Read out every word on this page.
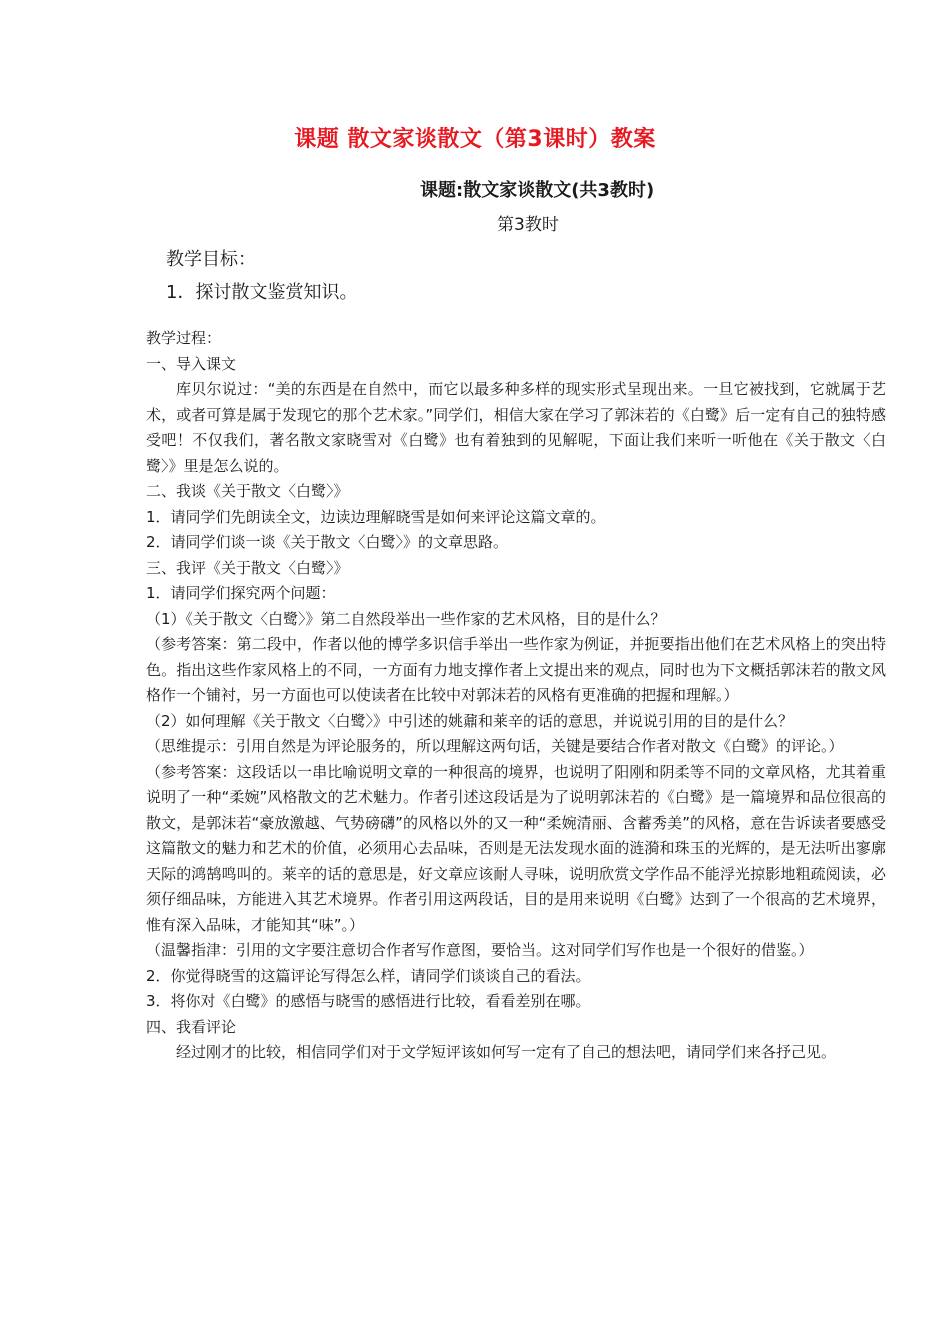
课题 散文家谈散文（第3课时）教案
课题:散文家谈散文(共3教时)
第3教时
教学目标：
1．探讨散文鉴赏知识。

教学过程：

一、导入课文

库贝尔说过：“美的东西是在自然中，而它以最多种多样的现实形式呈现出来。一旦它被找到，它就属于艺术，或者可算是属于发现它的那个艺术家。”同学们，相信大家在学习了郭沫若的《白鹭》后一定有自己的独特感受吧！不仅我们，著名散文家晓雪对《白鹭》也有着独到的见解呢，下面让我们来听一听他在《关于散文〈白鹭〉》里是怎么说的。

二、我谈《关于散文〈白鹭〉》

1．请同学们先朗读全文，边读边理解晓雪是如何来评论这篇文章的。

2．请同学们谈一谈《关于散文〈白鹭〉》的文章思路。

三、我评《关于散文〈白鹭〉》

1．请同学们探究两个问题：

（1）《关于散文〈白鹭〉》第二自然段举出一些作家的艺术风格，目的是什么？

（参考答案：第二段中，作者以他的博学多识信手举出一些作家为例证，并扼要指出他们在艺术风格上的突出特色。指出这些作家风格上的不同，一方面有力地支撑作者上文提出来的观点，同时也为下文概括郭沫若的散文风格作一个铺衬，另一方面也可以使读者在比较中对郭沫若的风格有更准确的把握和理解。）

（2）如何理解《关于散文〈白鹭〉》中引述的姚鼐和莱辛的话的意思，并说说引用的目的是什么？

（思维提示：引用自然是为评论服务的，所以理解这两句话，关键是要结合作者对散文《白鹭》的评论。）

（参考答案：这段话以一串比喻说明文章的一种很高的境界，也说明了阳刚和阴柔等不同的文章风格，尤其着重说明了一种“柔婉”风格散文的艺术魅力。作者引述这段话是为了说明郭沫若的《白鹭》是一篇境界和品位很高的散文，是郭沫若“豪放激越、气势磅礴”的风格以外的又一种“柔婉清丽、含蓄秀美”的风格，意在告诉读者要感受这篇散文的魅力和艺术的价值，必须用心去品味，否则是无法发现水面的涟漪和珠玉的光辉的，是无法听出寥廓天际的鸿鹄鸣叫的。莱辛的话的意思是，好文章应该耐人寻味，说明欣赏文学作品不能浮光掠影地粗疏阅读，必须仔细品味，方能进入其艺术境界。作者引用这两段话，目的是用来说明《白鹭》达到了一个很高的艺术境界，惟有深入品味，才能知其“味”。）

（温馨指津：引用的文字要注意切合作者写作意图，要恰当。这对同学们写作也是一个很好的借鉴。）

2．你觉得晓雪的这篇评论写得怎么样，请同学们谈谈自己的看法。

3．将你对《白鹭》的感悟与晓雪的感悟进行比较，看看差别在哪。

四、我看评论

经过刚才的比较，相信同学们对于文学短评该如何写一定有了自己的想法吧，请同学们来各抒己见。
